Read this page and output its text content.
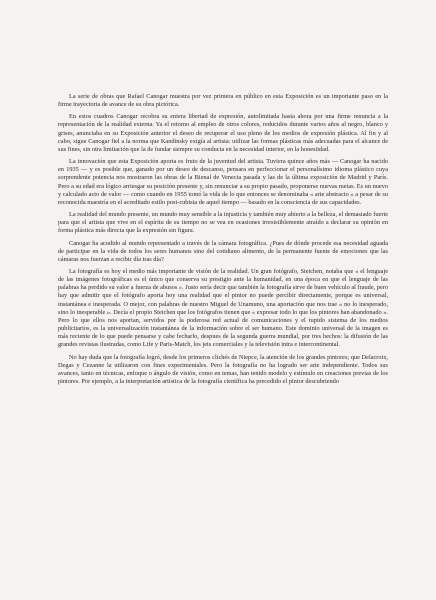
La serie de obras que Rafael Canogar muestra por vez primera en público en esta Exposición es un importante paso en la firme trayectoria de avance de su obra pictórica.

En estos cuadros Canogar recobra su entera libertad de expresión, autolimitada hasta ahora por una firme renuncia a la representación de la realidad externa. Ya el retorno al empleo de otros colores, reducidos durante varios años al negro, blanco y grises, anunciaba en su Exposición anterior el deseo de recuperar el uso pleno de los medios de expresión plástica. Al fin y al cabo, sigue Canogar fiel a la norma que Kandinsky exigía al artista: utilizar las formas plásticas más adecuadas para el alcance de sus fines, sin otra limitación que la de fundar siempre su conducta en la necesidad interior, en la honestidad.

La innovación que esta Exposición aporta es fruto de la juventud del artista. Tuviera quince años más — Canogar ha nacido en 1935 — y es posible que, ganado por un deseo de descanso, pensara en perfeccionar el personalísimo idioma plástico cuya sorprendente potencia nos mostraron las obras de la Bienal de Venecia pasada y las de la última exposición de Madrid y París. Pero a su edad era lógico arriesgar su posición presente y, sin renunciar a su propio pasado, proponerse nuevas metas. Es un nuevo y calculado acto de valor — como cuando en 1955 tomó la vida de lo que entonces se denominaba « arte abstracto » a pesar de su reconocida maestría en el acreditado estilo post-cubista de aquel tiempo — basado en la consciencia de sus capacidades.

La realidad del mundo presente, un mundo muy sensible a la injusticia y también muy abierto a la belleza, el demasiado fuerte para que el artista que vive en el espíritu de su tiempo no se vea en ocasiones irresistiblemente atraído a declarar su opinión en forma plástica más directa que la expresión sin figura.

Canogar ha acudido al mundo representado a través de la cámara fotográfica. ¿Pues de dónde procede esa necesidad aguada de participar en la vida de todos los seres humanos sino del cotidiano alimento, de la permanente fuente de emociones que las cámaras nos fuerzan a recibir día tras día?

La fotografía es hoy el medio más importante de visión de la realidad. Un gran fotógrafo, Steichen, notaba que « el lenguaje de las imágenes fotográficas es el único que conserva su prestigio ante la humanidad, en una época en que el lenguaje de las palabras ha perdido su valor a fuerza de abusos ». Justo sería decir que también la fotografía sirve de buen vehículo al fraude, pero hay que admitir que el fotógrafo aporta hoy una realidad que el pintor no puede percibir directamente, porque es universal, instantánea e inesperada. O mejor, con palabras de nuestro Miguel de Unamuno, una aportación que nos trae « no lo inesperado, sino lo inesperable ». Decía el propio Steichen que los fotógrafos tienen que « expresar todo lo que los pintores han abandonado ». Pero lo que ellos nos aportan, servidos por la poderosa red actual de comunicaciones y el tupido sistema de los medios publicitarios, es la universalización instantánea de la información sobre el ser humano. Este dominio universal de la imagen es más reciente de lo que puede pensarse y cabe fecharlo, despues de la segunda guerra mundial, por tres hechos: la difusión de las grandes revistas ilustradas, como Life y Paris-Match, los jets comerciales y la televisión intra e intercontinental.

No hay duda que la fotografía logró, desde los primeros clichés de Niepce, la atención de los grandes pintores; que Delacroix, Degas y Cezanne la utilizaron con fines experimentales. Pero la fotografía no ha logrado ser arte independiente. Todos sus avances, tanto en técnicas, enfoque o ángulo de visión, como en temas, han tenido modelo y estímulo en creaciones previas de los pintores. Por ejemplo, a la interpretación artística de la fotografía científica ha precedido el pintor descubriendo
